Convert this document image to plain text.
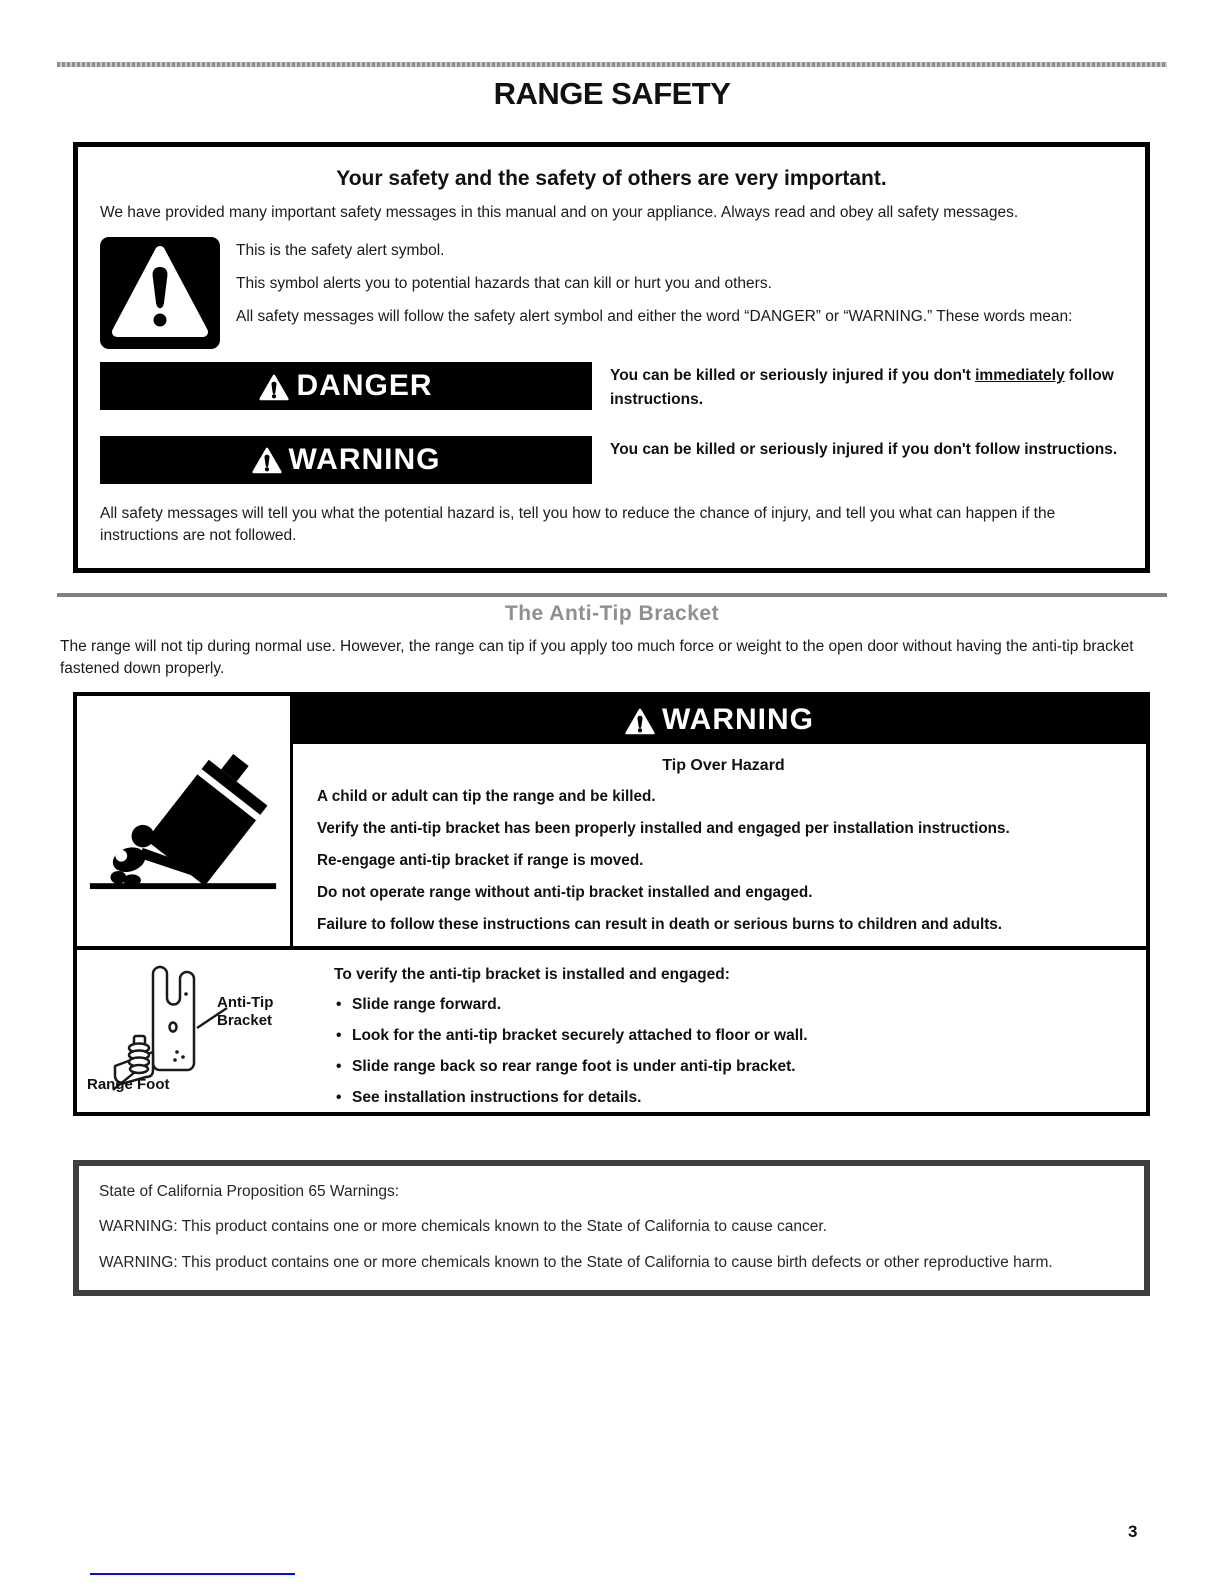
RANGE SAFETY

Your safety and the safety of others are very important.

We have provided many important safety messages in this manual and on your appliance. Always read and obey all safety messages.

This is the safety alert symbol.

This symbol alerts you to potential hazards that can kill or hurt you and others.

All safety messages will follow the safety alert symbol and either the word “DANGER” or “WARNING.” These words mean:

DANGER	You can be killed or seriously injured if you don't immediately follow instructions.

WARNING	You can be killed or seriously injured if you don't follow instructions.

All safety messages will tell you what the potential hazard is, tell you how to reduce the chance of injury, and tell you what can happen if the instructions are not followed.

The Anti-Tip Bracket

The range will not tip during normal use. However, the range can tip if you apply too much force or weight to the open door without having the anti-tip bracket fastened down properly.

WARNING

Tip Over Hazard

A child or adult can tip the range and be killed.

Verify the anti-tip bracket has been properly installed and engaged per installation instructions.

Re-engage anti-tip bracket if range is moved.

Do not operate range without anti-tip bracket installed and engaged.

Failure to follow these instructions can result in death or serious burns to children and adults.

Anti-Tip Bracket
Range Foot

To verify the anti-tip bracket is installed and engaged:

• Slide range forward.

• Look for the anti-tip bracket securely attached to floor or wall.

• Slide range back so rear range foot is under anti-tip bracket.

• See installation instructions for details.

State of California Proposition 65 Warnings:

WARNING: This product contains one or more chemicals known to the State of California to cause cancer.

WARNING: This product contains one or more chemicals known to the State of California to cause birth defects or other reproductive harm.

3
